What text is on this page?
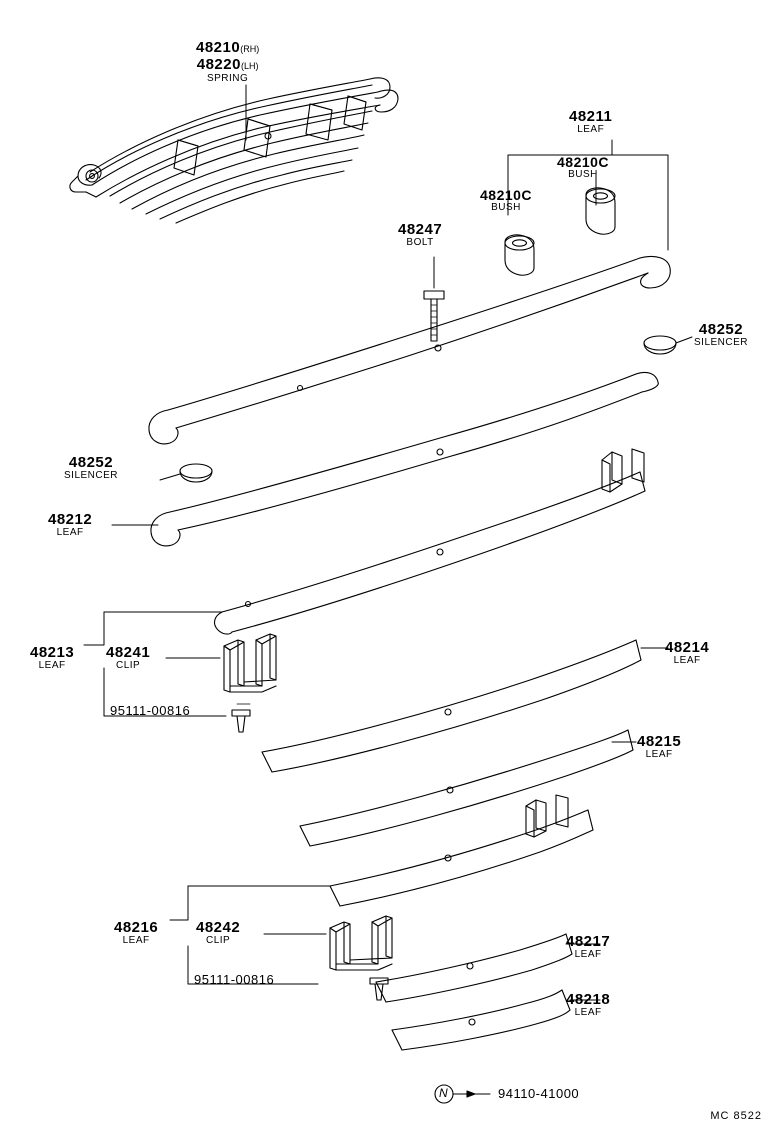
48210(RH)
48220(LH)
SPRING
48211
LEAF
48210C
BUSH
48210C
BUSH
48247
BOLT
48252
SILENCER
48252
SILENCER
48212
LEAF
48213
LEAF
48241
CLIP
95111-00816
48214
LEAF
48215
LEAF
48216
LEAF
48242
CLIP
95111-00816
48217
LEAF
48218
LEAF
N	94110-41000
MC 8522
